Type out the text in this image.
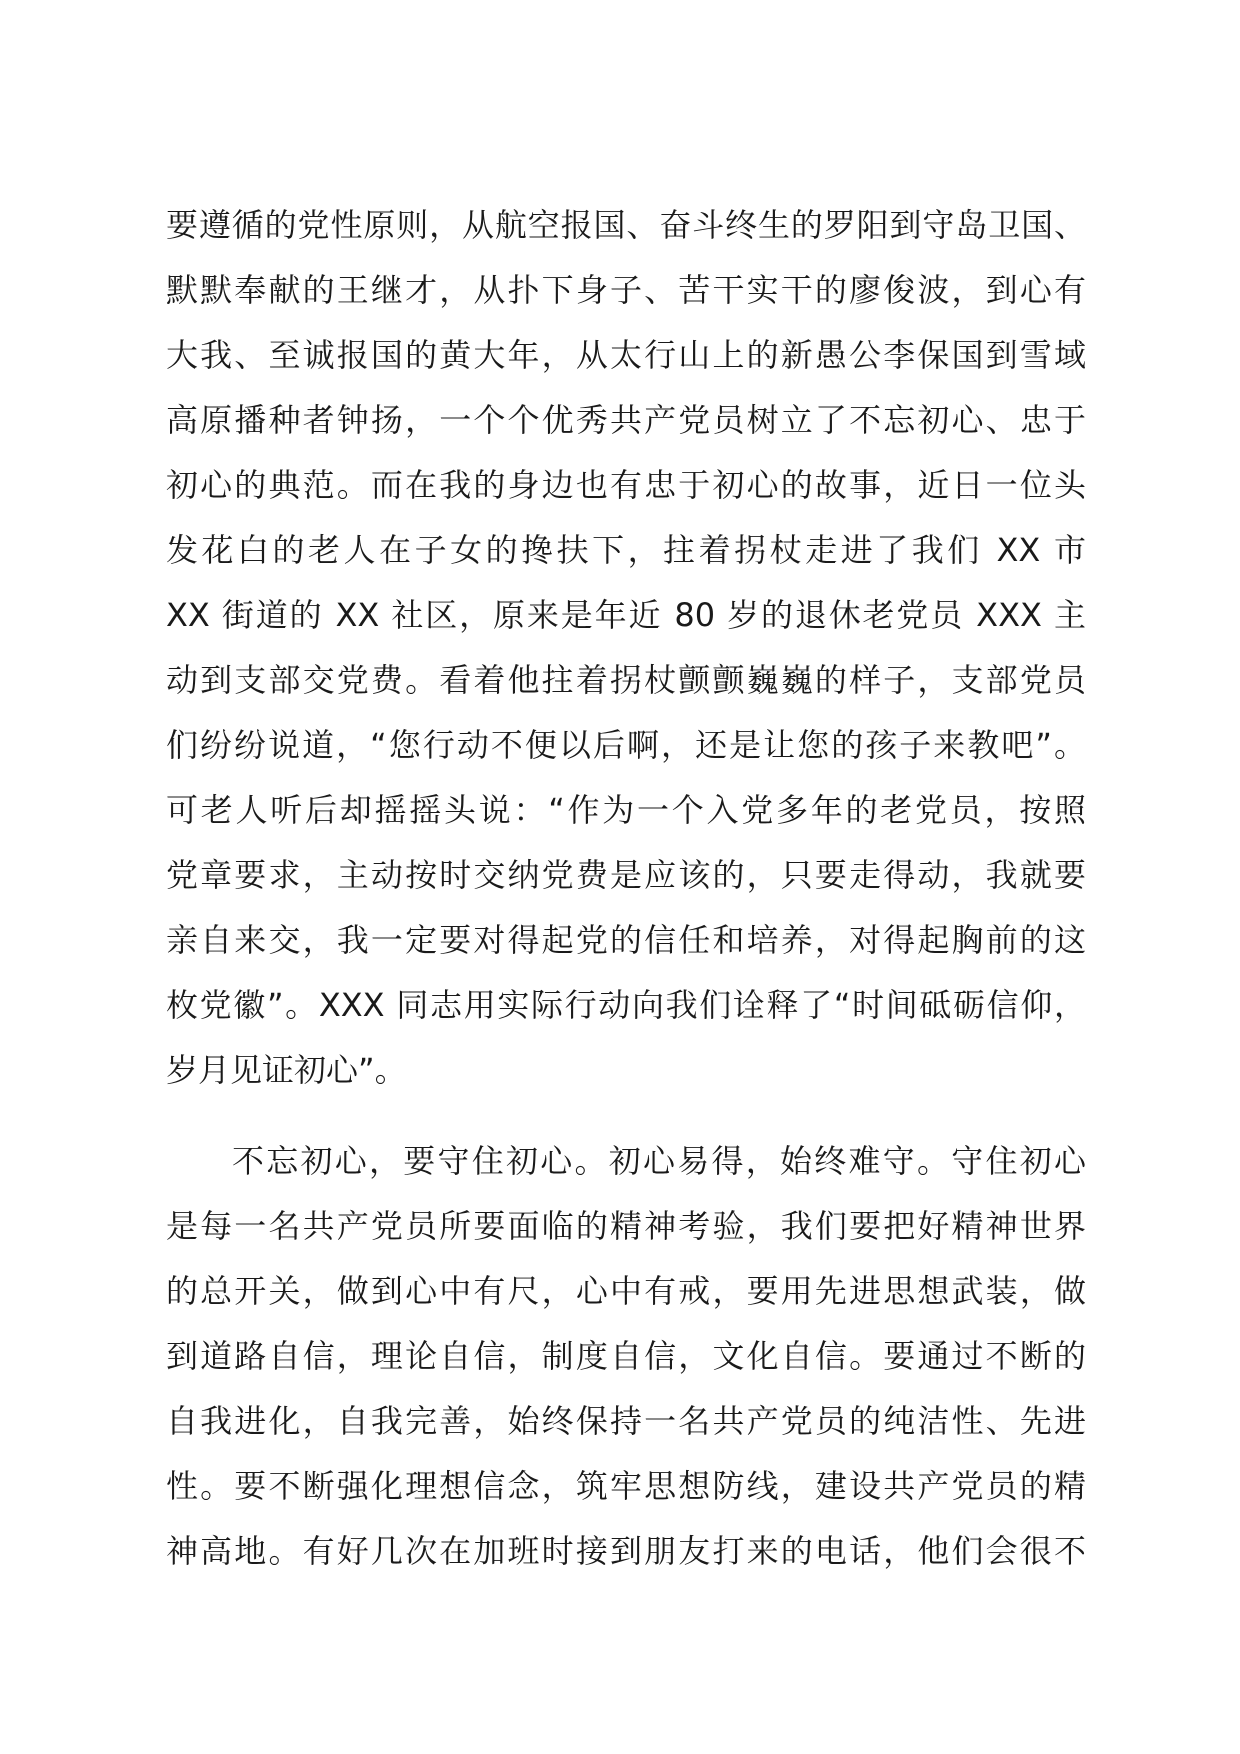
要遵循的党性原则，从航空报国、奋斗终生的罗阳到守岛卫国、
默默奉献的王继才，从扑下身子、苦干实干的廖俊波，到心有
大我、至诚报国的黄大年，从太行山上的新愚公李保国到雪域
高原播种者钟扬，一个个优秀共产党员树立了不忘初心、忠于
初心的典范。而在我的身边也有忠于初心的故事，近日一位头
发花白的老人在子女的搀扶下，拄着拐杖走进了我们 XX 市
XX 街道的 XX 社区，原来是年近 80 岁的退休老党员 XXX 主
动到支部交党费。看着他拄着拐杖颤颤巍巍的样子，支部党员
们纷纷说道，“您行动不便以后啊，还是让您的孩子来教吧”。
可老人听后却摇摇头说：“作为一个入党多年的老党员，按照
党章要求，主动按时交纳党费是应该的，只要走得动，我就要
亲自来交，我一定要对得起党的信任和培养，对得起胸前的这
枚党徽”。XXX 同志用实际行动向我们诠释了“时间砥砺信仰，
岁月见证初心”。
不忘初心，要守住初心。初心易得，始终难守。守住初心
是每一名共产党员所要面临的精神考验，我们要把好精神世界
的总开关，做到心中有尺，心中有戒，要用先进思想武装，做
到道路自信，理论自信，制度自信，文化自信。要通过不断的
自我进化，自我完善，始终保持一名共产党员的纯洁性、先进
性。要不断强化理想信念，筑牢思想防线，建设共产党员的精
神高地。有好几次在加班时接到朋友打来的电话，他们会很不
